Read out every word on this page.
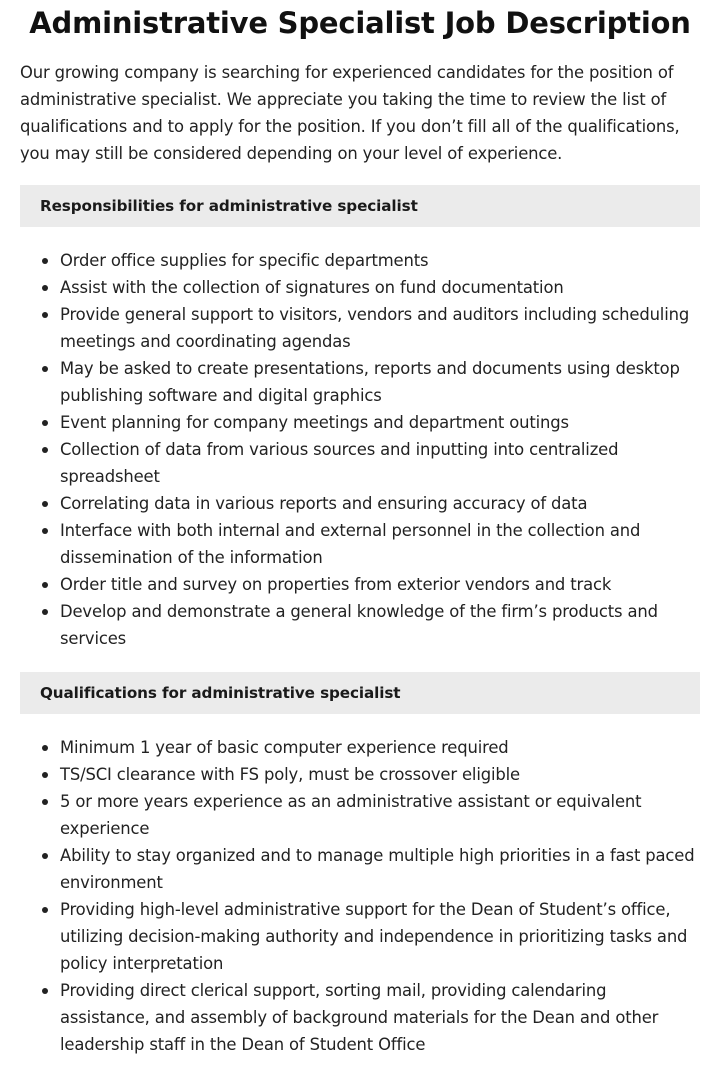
Administrative Specialist Job Description

Our growing company is searching for experienced candidates for the position of administrative specialist. We appreciate you taking the time to review the list of qualifications and to apply for the position. If you don’t fill all of the qualifications, you may still be considered depending on your level of experience.

Responsibilities for administrative specialist
Order office supplies for specific departments
Assist with the collection of signatures on fund documentation
Provide general support to visitors, vendors and auditors including scheduling meetings and coordinating agendas
May be asked to create presentations, reports and documents using desktop publishing software and digital graphics
Event planning for company meetings and department outings
Collection of data from various sources and inputting into centralized spreadsheet
Correlating data in various reports and ensuring accuracy of data
Interface with both internal and external personnel in the collection and dissemination of the information
Order title and survey on properties from exterior vendors and track
Develop and demonstrate a general knowledge of the firm’s products and services
Qualifications for administrative specialist
Minimum 1 year of basic computer experience required
TS/SCI clearance with FS poly, must be crossover eligible
5 or more years experience as an administrative assistant or equivalent experience
Ability to stay organized and to manage multiple high priorities in a fast paced environment
Providing high-level administrative support for the Dean of Student’s office, utilizing decision-making authority and independence in prioritizing tasks and policy interpretation
Providing direct clerical support, sorting mail, providing calendaring assistance, and assembly of background materials for the Dean and other leadership staff in the Dean of Student Office
